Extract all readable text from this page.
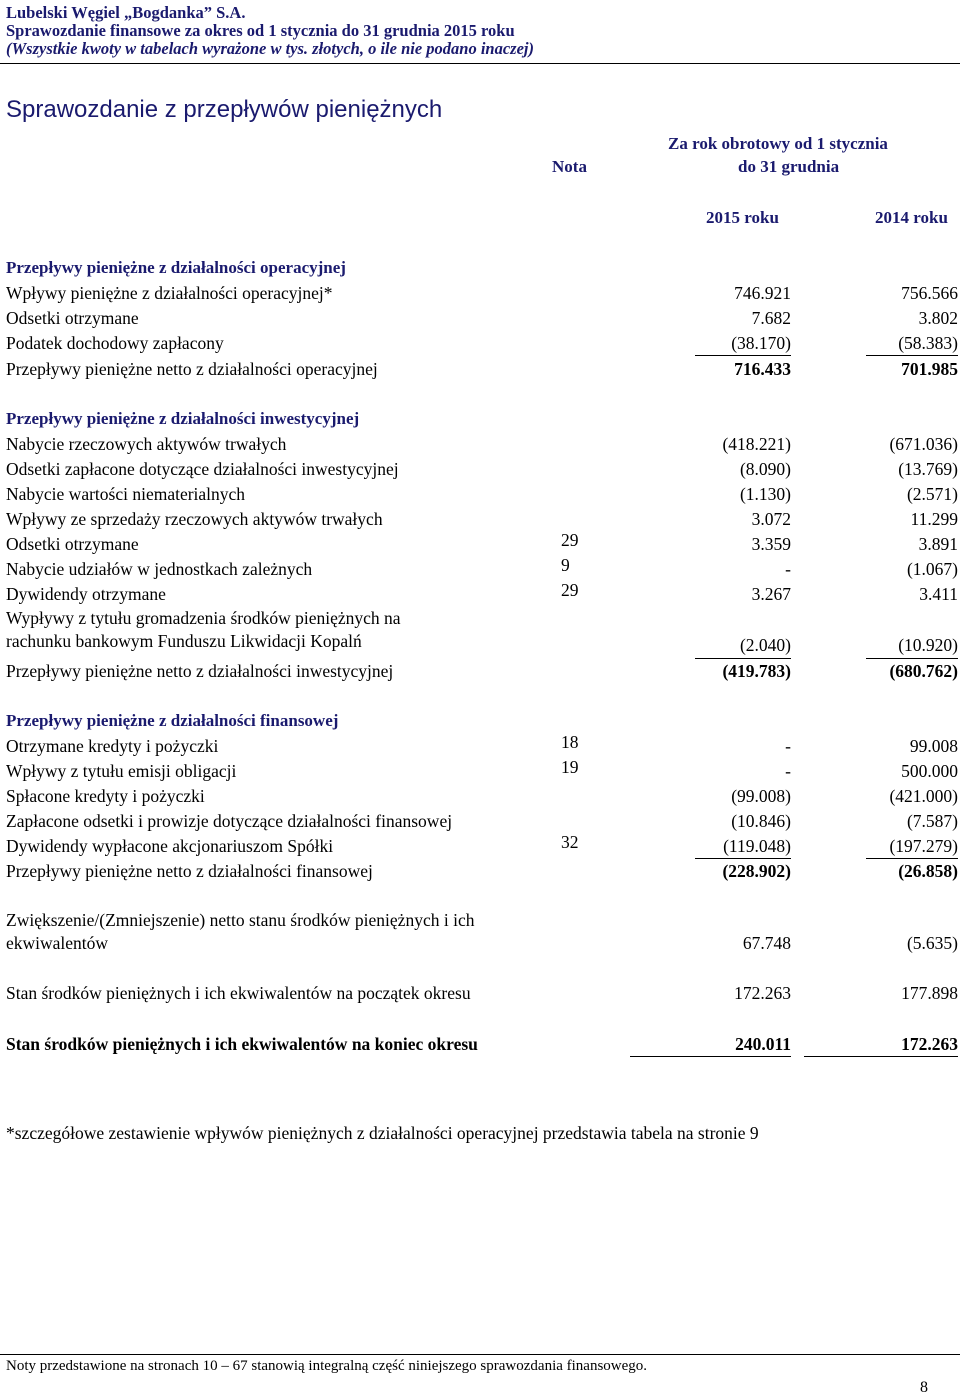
Lubelski Węgiel „Bogdanka” S.A.
Sprawozdanie finansowe za okres od 1 stycznia do 31 grudnia 2015 roku
(Wszystkie kwoty w tabelach wyrażone w tys. złotych, o ile nie podano inaczej)
Sprawozdanie z przepływów pieniężnych
Nota
Za rok obrotowy od 1 stycznia
do 31 grudnia
2015 roku	2014 roku
Przepływy pieniężne z działalności operacyjnej
Wpływy pieniężne z działalności operacyjnej*	746.921	756.566
Odsetki otrzymane	7.682	3.802
Podatek dochodowy zapłacony	(38.170)	(58.383)
Przepływy pieniężne netto z działalności operacyjnej	716.433	701.985
Przepływy pieniężne z działalności inwestycyjnej
Nabycie rzeczowych aktywów trwałych	(418.221)	(671.036)
Odsetki zapłacone dotyczące działalności inwestycyjnej	(8.090)	(13.769)
Nabycie wartości niematerialnych	(1.130)	(2.571)
Wpływy ze sprzedaży rzeczowych aktywów trwałych	3.072	11.299
Odsetki otrzymane	29	3.359	3.891
Nabycie udziałów w jednostkach zależnych	9	-	(1.067)
Dywidendy otrzymane	29	3.267	3.411
Wypływy z tytułu gromadzenia środków pieniężnych na
rachunku bankowym Funduszu Likwidacji Kopalń	(2.040)	(10.920)
Przepływy pieniężne netto z działalności inwestycyjnej	(419.783)	(680.762)
Przepływy pieniężne z działalności finansowej
Otrzymane kredyty i pożyczki	18	-	99.008
Wpływy z tytułu emisji obligacji	19	-	500.000
Spłacone kredyty i pożyczki	(99.008)	(421.000)
Zapłacone odsetki i prowizje dotyczące działalności finansowej	(10.846)	(7.587)
Dywidendy wypłacone akcjonariuszom Spółki	32	(119.048)	(197.279)
Przepływy pieniężne netto z działalności finansowej	(228.902)	(26.858)
Zwiększenie/(Zmniejszenie) netto stanu środków pieniężnych i ich
ekwiwalentów	67.748	(5.635)
Stan środków pieniężnych i ich ekwiwalentów na początek okresu	172.263	177.898
Stan środków pieniężnych i ich ekwiwalentów na koniec okresu	240.011	172.263
*szczegółowe zestawienie wpływów pieniężnych z działalności operacyjnej przedstawia tabela na stronie 9
Noty przedstawione na stronach 10 – 67 stanowią integralną część niniejszego sprawozdania finansowego.
8
